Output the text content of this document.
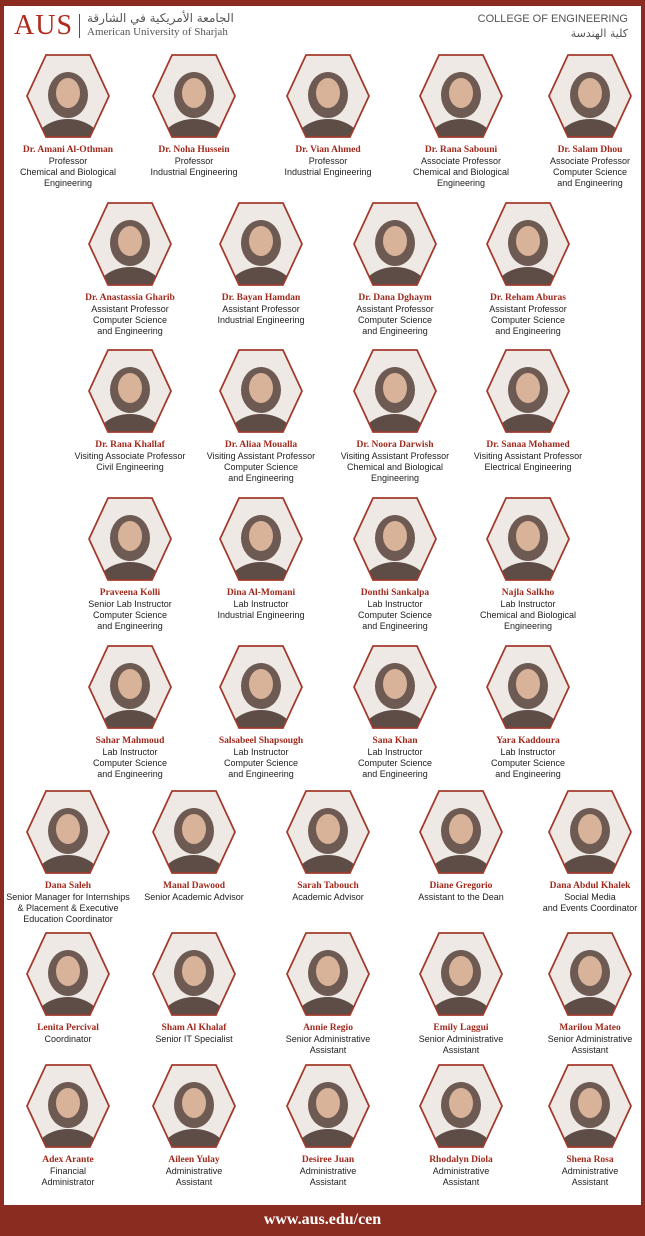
AUS الجامعة الأمريكية في الشارقة
American University of Sharjah
COLLEGE OF ENGINEERING
كلية الهندسة
Dr. Amani Al-Othman
Professor
Chemical and Biological
Engineering
Dr. Noha Hussein
Professor
Industrial Engineering
Dr. Vian Ahmed
Professor
Industrial Engineering
Dr. Rana Sabouni
Associate Professor
Chemical and Biological
Engineering
Dr. Salam Dhou
Associate Professor
Computer Science
and Engineering
Dr. Anastassia Gharib
Assistant Professor
Computer Science
and Engineering
Dr. Bayan Hamdan
Assistant Professor
Industrial Engineering
Dr. Dana Dghaym
Assistant Professor
Computer Science
and Engineering
Dr. Reham Aburas
Assistant Professor
Computer Science
and Engineering
Dr. Rana Khallaf
Visiting Associate Professor
Civil Engineering
Dr. Aliaa Moualla
Visiting Assistant Professor
Computer Science
and Engineering
Dr. Noora Darwish
Visiting Assistant Professor
Chemical and Biological
Engineering
Dr. Sanaa Mohamed
Visiting Assistant Professor
Electrical Engineering
Praveena Kolli
Senior Lab Instructor
Computer Science
and Engineering
Dina Al-Momani
Lab Instructor
Industrial Engineering
Donthi Sankalpa
Lab Instructor
Computer Science
and Engineering
Najla Salkho
Lab Instructor
Chemical and Biological
Engineering
Sahar Mahmoud
Lab Instructor
Computer Science
and Engineering
Salsabeel Shapsough
Lab Instructor
Computer Science
and Engineering
Sana Khan
Lab Instructor
Computer Science
and Engineering
Yara Kaddoura
Lab Instructor
Computer Science
and Engineering
Dana Saleh
Senior Manager for Internships
& Placement & Executive
Education Coordinator
Manal Dawood
Senior Academic Advisor
Sarah Tabouch
Academic Advisor
Diane Gregorio
Assistant to the Dean
Dana Abdul Khalek
Social Media
and Events Coordinator
Lenita Percival
Coordinator
Sham Al Khalaf
Senior IT Specialist
Annie Regio
Senior Administrative
Assistant
Emily Laggui
Senior Administrative
Assistant
Marilou Mateo
Senior Administrative
Assistant
Adex Arante
Financial
Administrator
Aileen Yulay
Administrative
Assistant
Desiree Juan
Administrative
Assistant
Rhodalyn Diola
Administrative
Assistant
Shena Rosa
Administrative
Assistant
www.aus.edu/cen
